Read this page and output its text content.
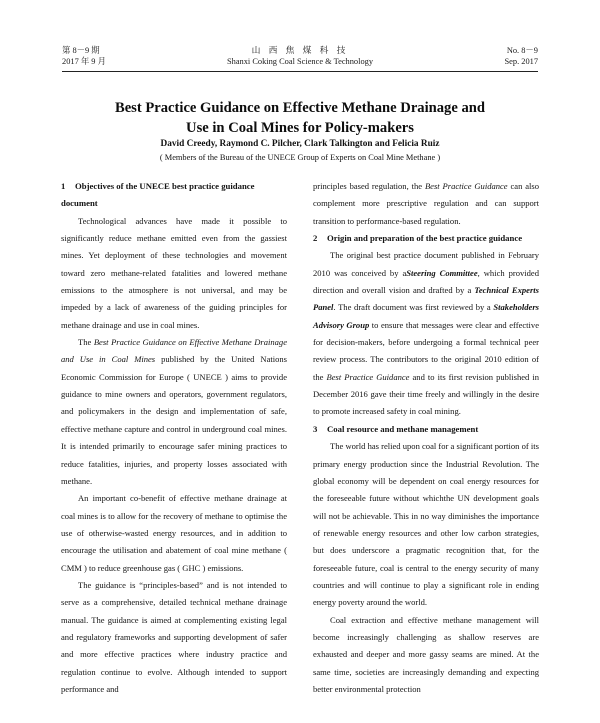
第 8－9 期
2017 年 9 月
山 西 焦 煤 科 技
Shanxi Coking Coal Science & Technology
No. 8－9
Sep. 2017
Best Practice Guidance on Effective Methane Drainage and
Use in Coal Mines for Policy-makers
David Creedy, Raymond C. Pilcher, Clark Talkington and Felicia Ruiz
( Members of the Bureau of the UNECE Group of Experts on Coal Mine Methane )
1 Objectives of the UNECE best practice guidance document

Technological advances have made it possible to significantly reduce methane emitted even from the gassiest mines. Yet deployment of these technologies and movement toward zero methane-related fatalities and lowered methane emissions to the atmosphere is not universal, and may be impeded by a lack of awareness of the guiding principles for methane drainage and use in coal mines.

The Best Practice Guidance on Effective Methane Drainage and Use in Coal Mines published by the United Nations Economic Commission for Europe ( UNECE ) aims to provide guidance to mine owners and operators, government regulators, and policymakers in the design and implementation of safe, effective methane capture and control in underground coal mines. It is intended primarily to encourage safer mining practices to reduce fatalities, injuries, and property losses associated with methane.

An important co-benefit of effective methane drainage at coal mines is to allow for the recovery of methane to optimise the use of otherwise-wasted energy resources, and in addition to encourage the utilisation and abatement of coal mine methane ( CMM ) to reduce greenhouse gas ( GHC ) emissions.

The guidance is “principles-based” and is not intended to serve as a comprehensive, detailed technical methane drainage manual. The guidance is aimed at complementing existing legal and regulatory frameworks and supporting development of safer and more effective practices where industry practice and regulation continue to evolve. Although intended to support performance and

principles based regulation, the Best Practice Guidance can also complement more prescriptive regulation and can support transition to performance-based regulation.

2 Origin and preparation of the best practice guidance

The original best practice document published in February 2010 was conceived by aSteering Committee, which provided direction and overall vision and drafted by a Technical Experts Panel. The draft document was first reviewed by a Stakeholders Advisory Group to ensure that messages were clear and effective for decision-makers, before undergoing a formal technical peer review process. The contributors to the original 2010 edition of the Best Practice Guidance and to its first revision published in December 2016 gave their time freely and willingly in the desire to promote increased safety in coal mining.

3 Coal resource and methane management

The world has relied upon coal for a significant portion of its primary energy production since the Industrial Revolution. The global economy will be dependent on coal energy resources for the foreseeable future without whichthe UN development goals will not be achievable. This in no way diminishes the importance of renewable energy resources and other low carbon strategies, but does underscore a pragmatic recognition that, for the foreseeable future, coal is central to the energy security of many countries and will continue to play a significant role in ending energy poverty around the world.

Coal extraction and effective methane management will become increasingly challenging as shallow reserves are exhausted and deeper and more gassy seams are mined. At the same time, societies are increasingly demanding and expecting better environmental protection
